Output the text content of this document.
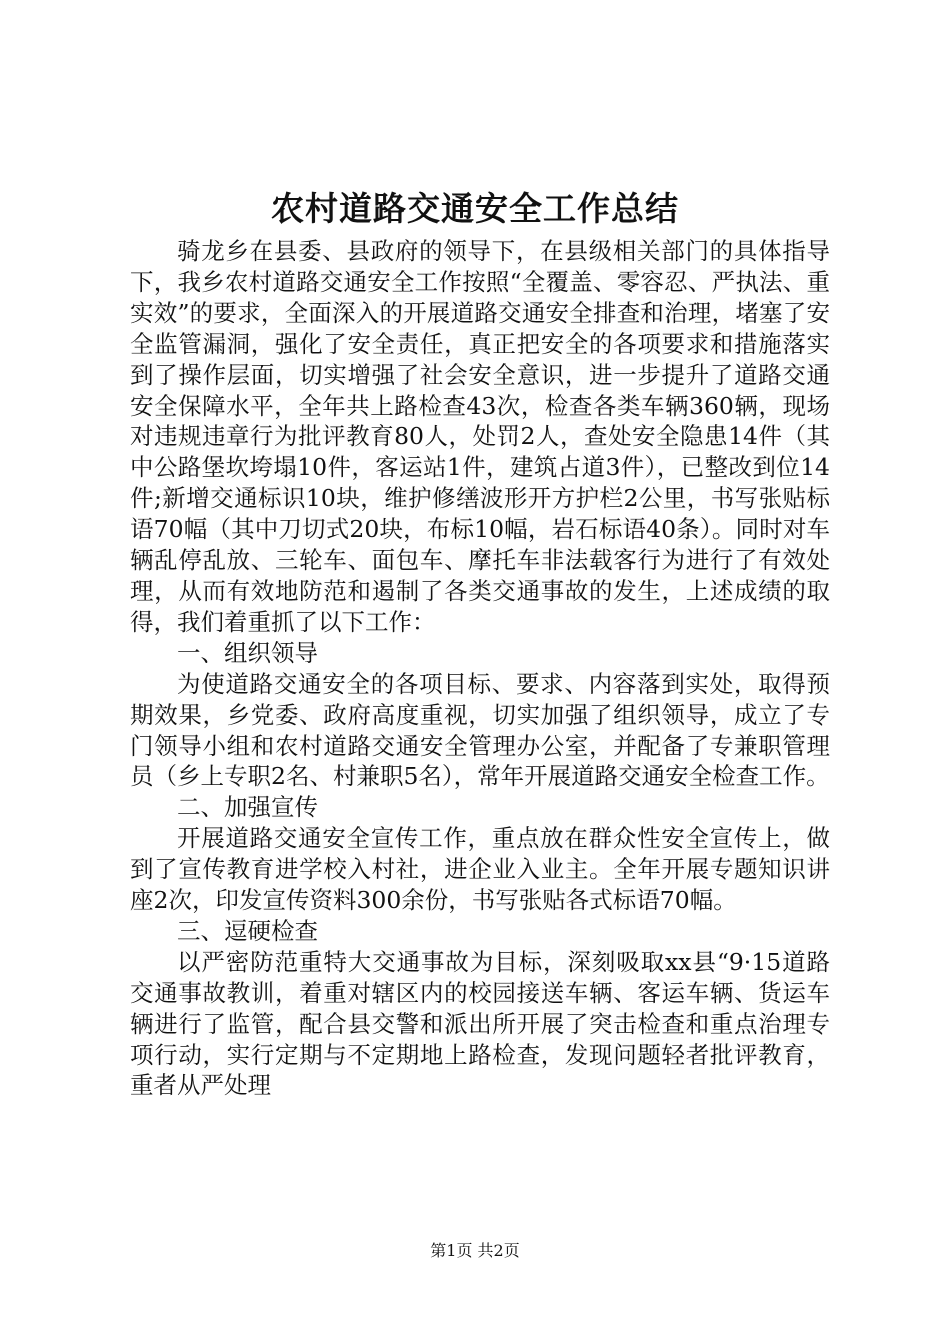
农村道路交通安全工作总结

骑龙乡在县委、县政府的领导下，在县级相关部门的具体指导下，我乡农村道路交通安全工作按照“全覆盖、零容忍、严执法、重实效”的要求，全面深入的开展道路交通安全排查和治理，堵塞了安全监管漏洞，强化了安全责任，真正把安全的各项要求和措施落实到了操作层面，切实增强了社会安全意识，进一步提升了道路交通安全保障水平，全年共上路检查43次，检查各类车辆360辆，现场对违规违章行为批评教育80人，处罚2人，查处安全隐患14件（其中公路堡坎垮塌10件，客运站1件，建筑占道3件），已整改到位14件;新增交通标识10块，维护修缮波形开方护栏2公里，书写张贴标语70幅（其中刀切式20块，布标10幅，岩石标语40条）。同时对车辆乱停乱放、三轮车、面包车、摩托车非法载客行为进行了有效处理，从而有效地防范和遏制了各类交通事故的发生，上述成绩的取得，我们着重抓了以下工作：

一、组织领导

为使道路交通安全的各项目标、要求、内容落到实处，取得预期效果，乡党委、政府高度重视，切实加强了组织领导，成立了专门领导小组和农村道路交通安全管理办公室，并配备了专兼职管理员（乡上专职2名、村兼职5名），常年开展道路交通安全检查工作。

二、加强宣传

开展道路交通安全宣传工作，重点放在群众性安全宣传上，做到了宣传教育进学校入村社，进企业入业主。全年开展专题知识讲座2次，印发宣传资料300余份，书写张贴各式标语70幅。

三、逗硬检查

以严密防范重特大交通事故为目标，深刻吸取xx县“9·15道路交通事故教训，着重对辖区内的校园接送车辆、客运车辆、货运车辆进行了监管，配合县交警和派出所开展了突击检查和重点治理专项行动，实行定期与不定期地上路检查，发现问题轻者批评教育，重者从严处理

第1页 共2页
